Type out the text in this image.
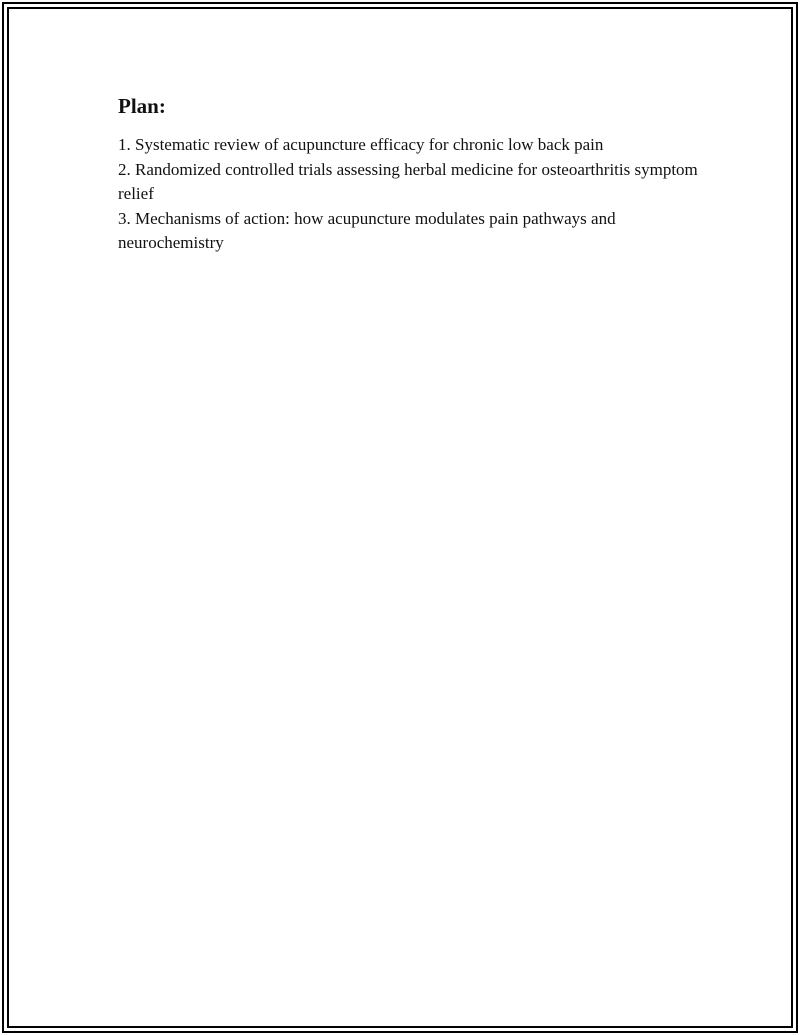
Plan:
1. Systematic review of acupuncture efficacy for chronic low back pain
2. Randomized controlled trials assessing herbal medicine for osteoarthritis symptom relief
3. Mechanisms of action: how acupuncture modulates pain pathways and neurochemistry
